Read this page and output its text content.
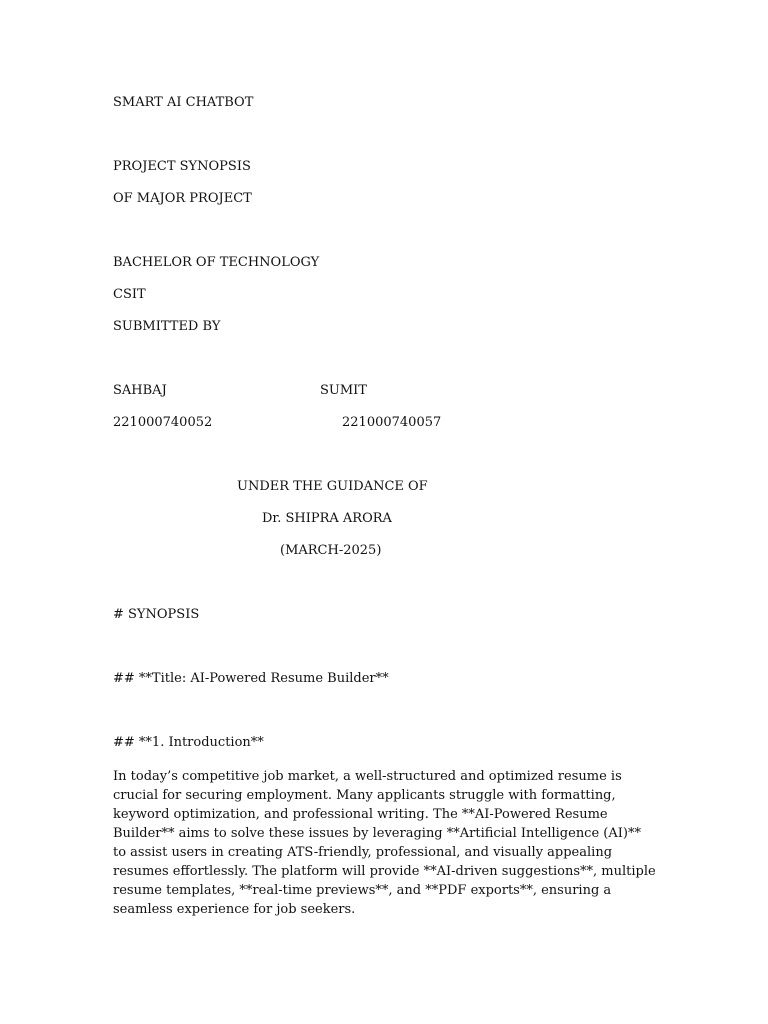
SMART AI CHATBOT
PROJECT SYNOPSIS
OF MAJOR PROJECT
BACHELOR OF TECHNOLOGY
CSIT
SUBMITTED BY
SAHBAJ	SUMIT
221000740052	221000740057
UNDER THE GUIDANCE OF
Dr. SHIPRA ARORA
(MARCH-2025)
# SYNOPSIS
## **Title: AI-Powered Resume Builder**
## **1. Introduction**
In today’s competitive job market, a well-structured and optimized resume is crucial for securing employment. Many applicants struggle with formatting, keyword optimization, and professional writing. The **AI-Powered Resume Builder** aims to solve these issues by leveraging **Artificial Intelligence (AI)** to assist users in creating ATS-friendly, professional, and visually appealing resumes effortlessly. The platform will provide **AI-driven suggestions**, multiple resume templates, **real-time previews**, and **PDF exports**, ensuring a seamless experience for job seekers.
